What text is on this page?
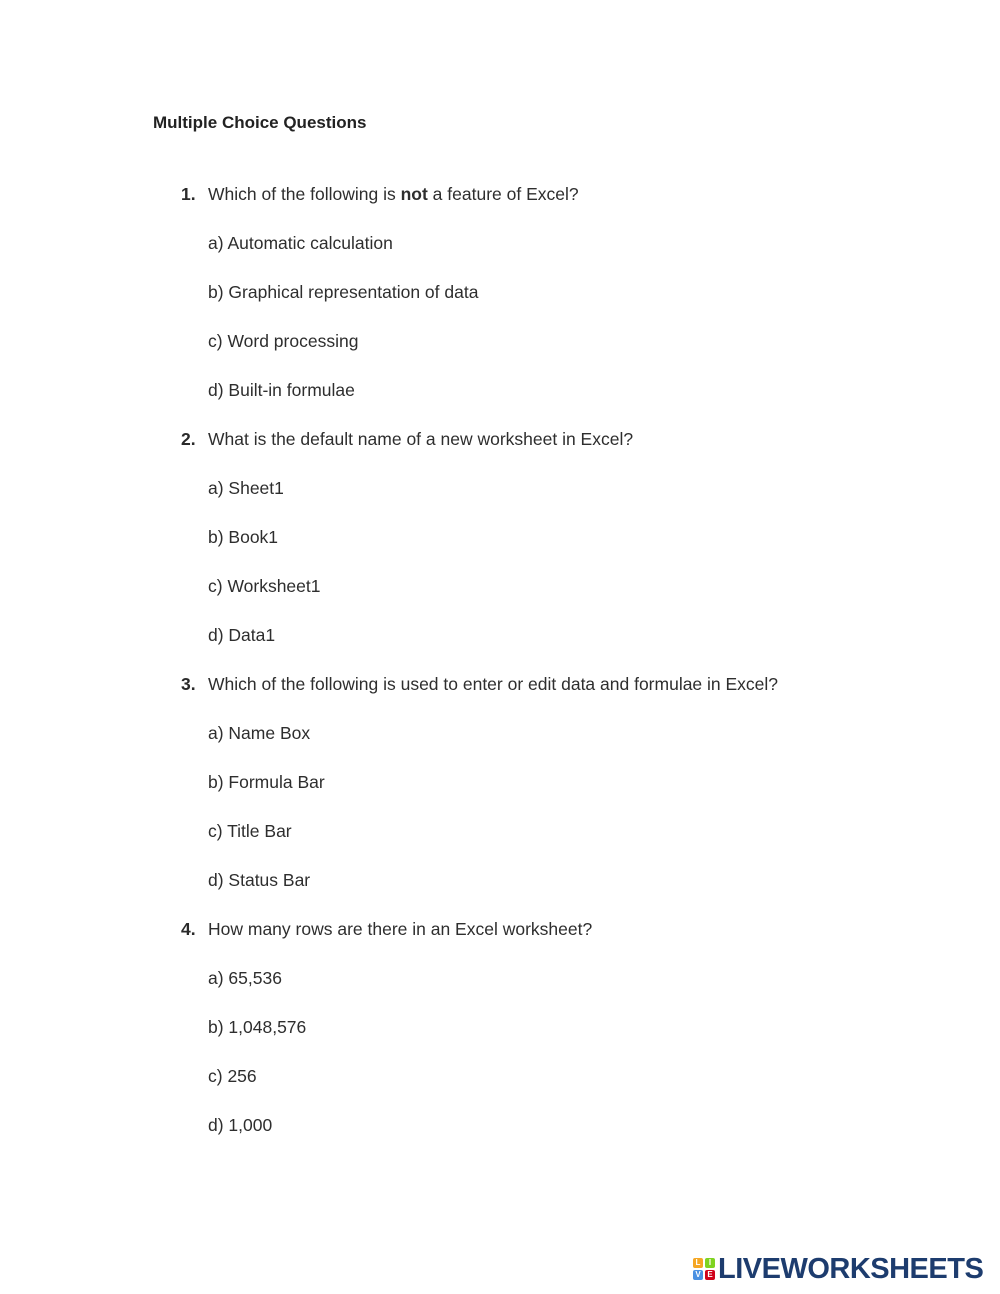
Multiple Choice Questions
1. Which of the following is not a feature of Excel?
a) Automatic calculation
b) Graphical representation of data
c) Word processing
d) Built-in formulae
2. What is the default name of a new worksheet in Excel?
a) Sheet1
b) Book1
c) Worksheet1
d) Data1
3. Which of the following is used to enter or edit data and formulae in Excel?
a) Name Box
b) Formula Bar
c) Title Bar
d) Status Bar
4. How many rows are there in an Excel worksheet?
a) 65,536
b) 1,048,576
c) 256
d) 1,000
L	I
V E LIVEWORKSHEETS
